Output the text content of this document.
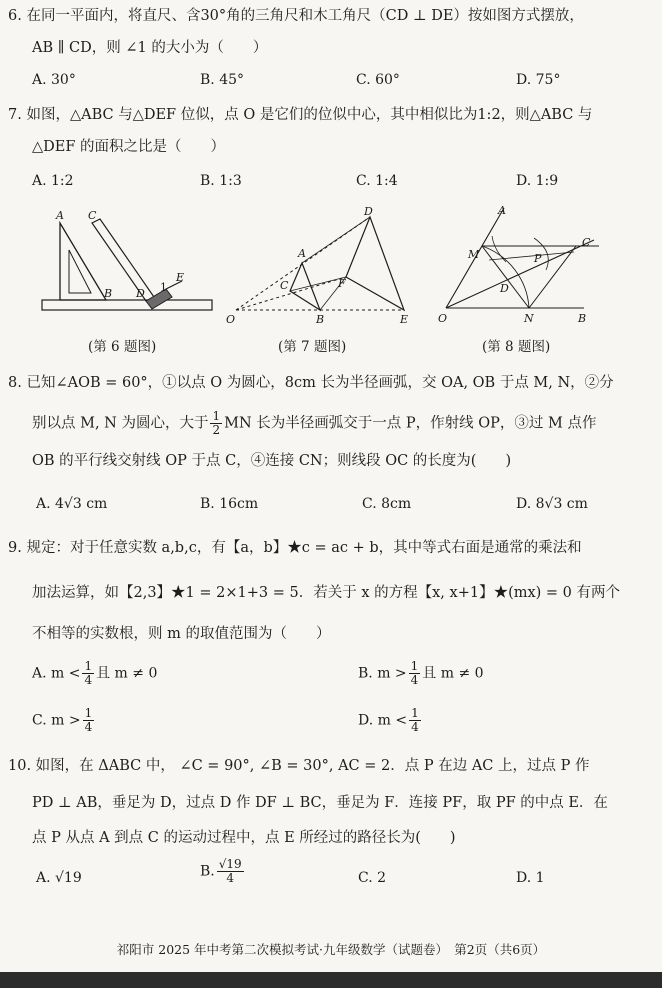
6. 在同一平面内，将直尺、含30°角的三角尺和木工角尺（CD ⊥ DE）按如图方式摆放，
AB ∥ CD，则 ∠1 的大小为（　　）
A. 30°	B. 45°	C. 60°	D. 75°
7. 如图，△ABC 与△DEF 位似，点 O 是它们的位似中心，其中相似比为1:2，则△ABC 与
△DEF 的面积之比是（　　）
A. 1:2	B. 1:3	C. 1:4	D. 1:9
A C
E
1
B D
(第 6 题图)
D
A
C	F
O	B	E
(第 7 题图)
A
M	P
C
D
O	N	B
(第 8 题图)
8. 已知∠AOB = 60°，①以点 O 为圆心，8cm 长为半径画弧，交 OA, OB 于点 M, N，②分
别以点 M, N 为圆心，大于 $\frac{1}{2}$ MN 长为半径画弧交于一点 P，作射线 OP，③过 M 点作
OB 的平行线交射线 OP 于点 C，④连接 CN；则线段 OC 的长度为(　　)
A. 4√3 cm	B. 16cm	C. 8cm	D. 8√3 cm
9. 规定：对于任意实数 a,b,c，有【a，b】★c = ac + b，其中等式右面是通常的乘法和
加法运算，如【2,3】★1 = 2×1+3 = 5．若关于 x 的方程【x, x+1】★(mx) = 0 有两个
不相等的实数根，则 m 的取值范围为（　　）
A. $m < \frac{1}{4}$ 且 m ≠ 0	B. $m > \frac{1}{4}$ 且 m ≠ 0
C. $m > \frac{1}{4}$	D. $m < \frac{1}{4}$
10. 如图，在 ΔABC 中， ∠C = 90°, ∠B = 30°, AC = 2．点 P 在边 AC 上，过点 P 作
PD ⊥ AB，垂足为 D，过点 D 作 DF ⊥ BC，垂足为 F．连接 PF，取 PF 的中点 E．在
点 P 从点 A 到点 C 的运动过程中，点 E 所经过的路径长为(　　)
A. √19	B. $\frac{√19}{4}$	C. 2	D. 1
祁阳市 2025 年中考第二次模拟考试·九年级数学（试题卷）　第2页（共6页）
